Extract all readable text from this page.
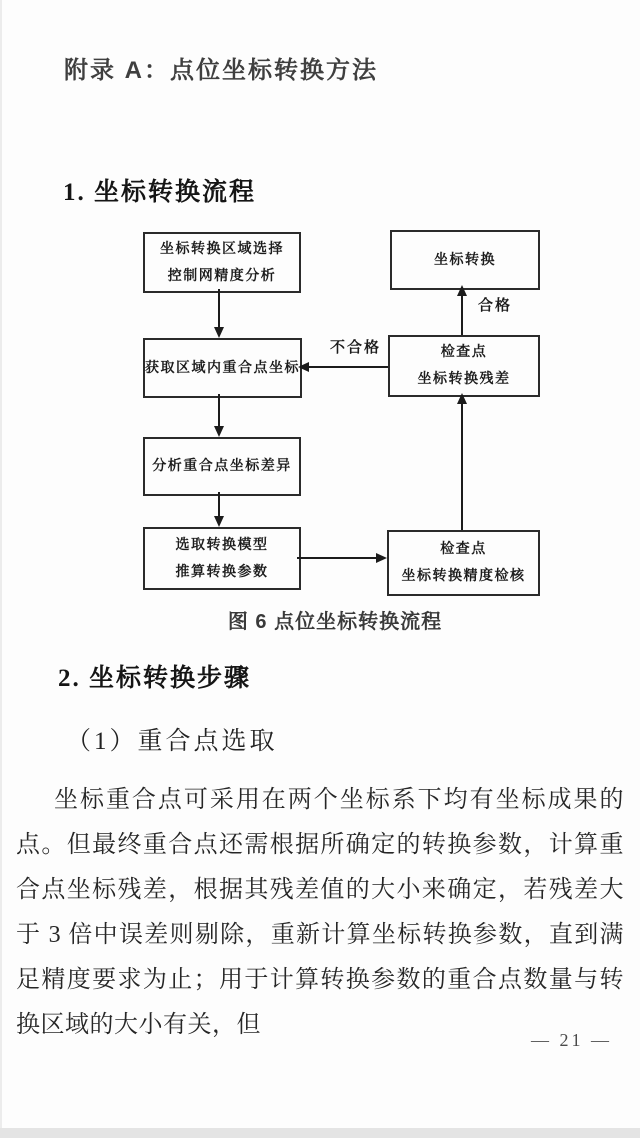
附录 A：点位坐标转换方法
1. 坐标转换流程
坐标转换区域选择
控制网精度分析
获取区域内重合点坐标
分析重合点坐标差异
选取转换模型
推算转换参数
坐标转换
检查点
坐标转换残差
检查点
坐标转换精度检核
不合格
合格
图 6 点位坐标转换流程
2. 坐标转换步骤
（1）重合点选取
坐标重合点可采用在两个坐标系下均有坐标成果的点。但最终重合点还需根据所确定的转换参数，计算重合点坐标残差，根据其残差值的大小来确定，若残差大于 3 倍中误差则剔除，重新计算坐标转换参数，直到满足精度要求为止；用于计算转换参数的重合点数量与转换区域的大小有关，但
— 21 —
